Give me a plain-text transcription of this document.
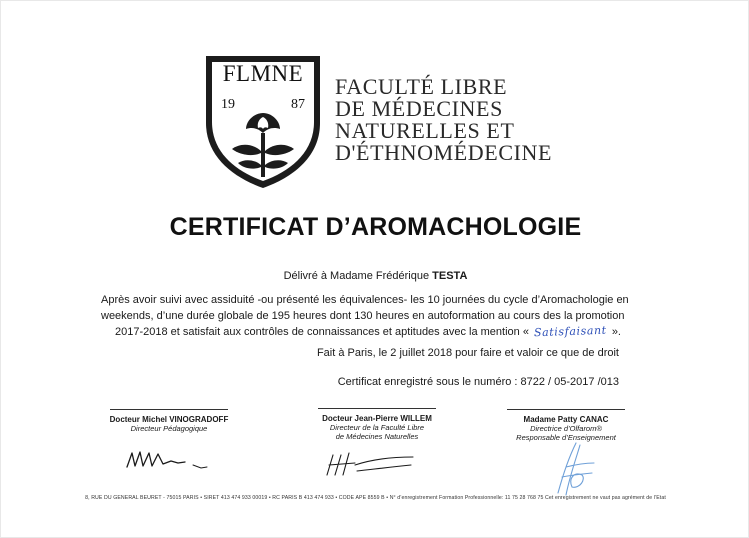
FLMNE
19	87
FACULTÉ LIBRE
DE MÉDECINES
NATURELLES ET
D'ÉTHNOMÉDECINE
CERTIFICAT D’AROMACHOLOGIE
Délivré à Madame Frédérique TESTA
Après avoir suivi avec assiduité -ou présenté les équivalences- les 10 journées du cycle d’Aromachologie en
weekends, d’une durée globale de 195 heures dont 130 heures en autoformation au cours des la promotion
2017-2018 et satisfait aux contrôles de connaissances et aptitudes avec la mention « Satisfaisant ».
Fait à Paris, le 2 juillet 2018 pour faire et valoir ce que de droit
Certificat enregistré sous le numéro : 8722 / 05-2017 /013
Docteur Michel VINOGRADOFF
Directeur Pédagogique
Docteur Jean-Pierre WILLEM
Directeur de la Faculté Libre
de Médecines Naturelles
Madame Patty CANAC
Directrice d’Olfarom®
Responsable d’Enseignement
8, RUE DU GENERAL BEURET - 75015 PARIS • SIRET 413 474 933 00019 • RC PARIS B 413 474 933 • CODE APE 8559 B • N° d’enregistrement Formation Professionnelle: 11 75 28 768 75 Cet enregistrement ne vaut pas agrément de l’Etat
